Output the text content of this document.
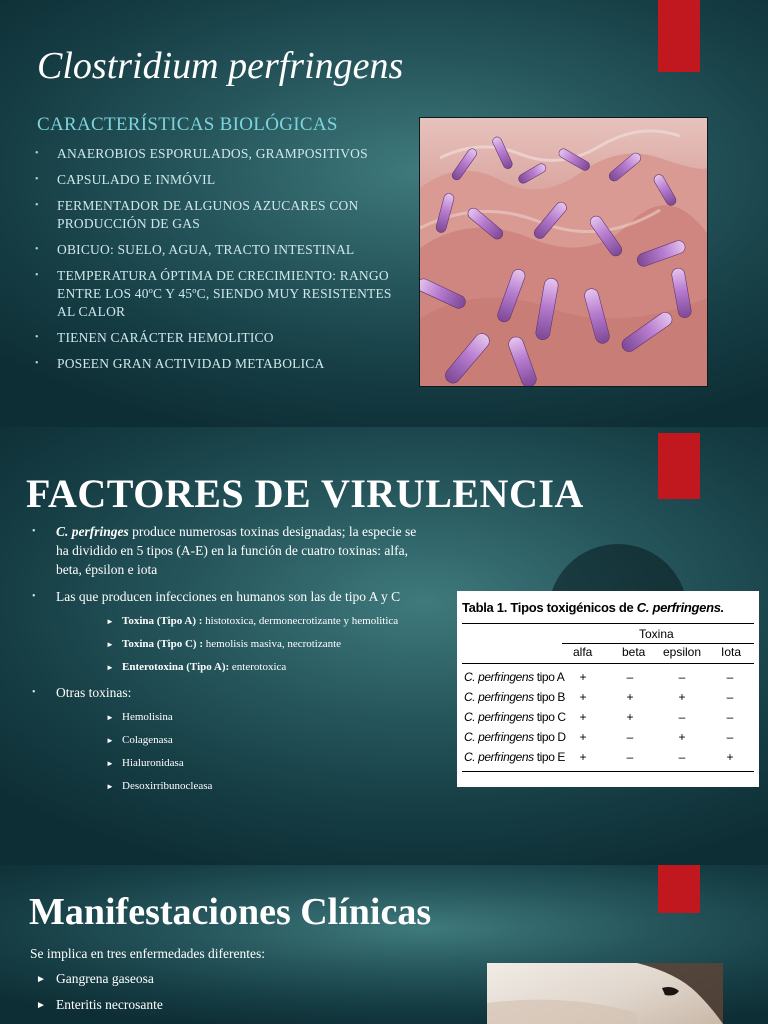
Clostridium perfringens
CARACTERÍSTICAS BIOLÓGICAS
• ANAEROBIOS ESPORULADOS, GRAMPOSITIVOS
• CAPSULADO E INMÓVIL
• FERMENTADOR DE ALGUNOS AZUCARES CON PRODUCCIÓN DE GAS
• OBICUO: SUELO, AGUA, TRACTO INTESTINAL
• TEMPERATURA ÓPTIMA DE CRECIMIENTO: RANGO ENTRE LOS 40ºC Y 45ºC, SIENDO MUY RESISTENTES AL CALOR
• TIENEN CARÁCTER HEMOLITICO
• POSEEN GRAN ACTIVIDAD METABOLICA
FACTORES DE VIRULENCIA
• C. perfringes produce numerosas toxinas designadas; la especie se ha dividido en 5 tipos (A-E) en la función de cuatro toxinas: alfa, beta, épsilon e iota
• Las que producen infecciones en humanos son las de tipo A y C
► Toxina (Tipo A) : histotoxica, dermonecrotizante y hemolitica
► Toxina (Tipo C) : hemolisis masiva, necrotizante
► Enterotoxina (Tipo A): enterotoxica
• Otras toxinas:
► Hemolisina
► Colagenasa
► Hialuronidasa
► Desoxirribunocleasa
Tabla 1. Tipos toxigénicos de C. perfringens.
Toxina
alfa beta epsilon Iota
C. perfringens tipo A	+	–	–	–
C. perfringens tipo B	+	+	+	–
C. perfringens tipo C	+	+	–	–
C. perfringens tipo D	+	–	+	–
C. perfringens tipo E	+	–	–	+
Manifestaciones Clínicas
Se implica en tres enfermedades diferentes:
► Gangrena gaseosa
► Enteritis necrosante
